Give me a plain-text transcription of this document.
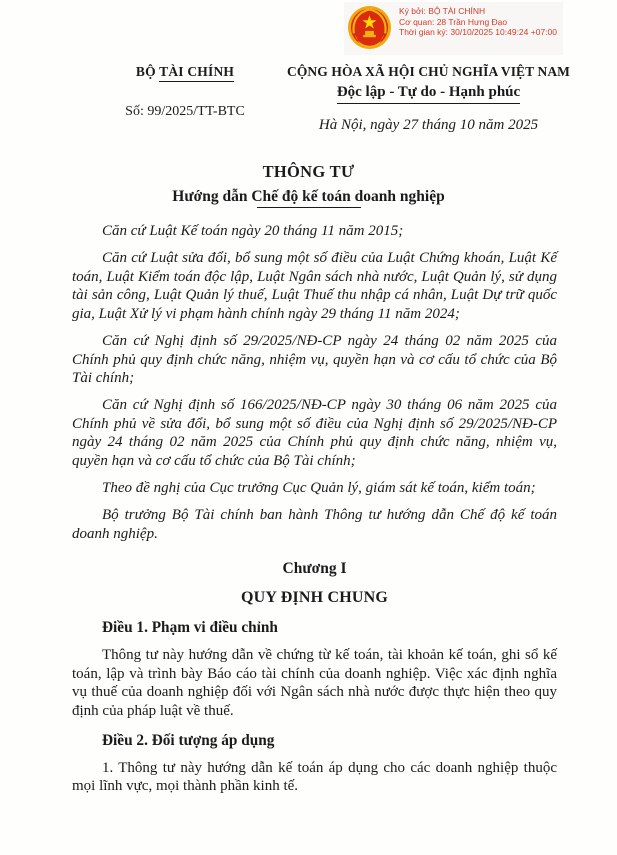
Ký bởi: BỘ TÀI CHÍNH
Cơ quan: 28 Trần Hưng Đạo
Thời gian ký: 30/10/2025 10:49:24 +07:00
BỘ TÀI CHÍNH
Số: 99/2025/TT-BTC
CỘNG HÒA XÃ HỘI CHỦ NGHĨA VIỆT NAM
Độc lập - Tự do - Hạnh phúc
Hà Nội, ngày 27 tháng 10 năm 2025
THÔNG TƯ
Hướng dẫn Chế độ kế toán doanh nghiệp

Căn cứ Luật Kế toán ngày 20 tháng 11 năm 2015;

Căn cứ Luật sửa đổi, bổ sung một số điều của Luật Chứng khoán, Luật Kế toán, Luật Kiểm toán độc lập, Luật Ngân sách nhà nước, Luật Quản lý, sử dụng tài sản công, Luật Quản lý thuế, Luật Thuế thu nhập cá nhân, Luật Dự trữ quốc gia, Luật Xử lý vi phạm hành chính ngày 29 tháng 11 năm 2024;

Căn cứ Nghị định số 29/2025/NĐ-CP ngày 24 tháng 02 năm 2025 của Chính phủ quy định chức năng, nhiệm vụ, quyền hạn và cơ cấu tổ chức của Bộ Tài chính;

Căn cứ Nghị định số 166/2025/NĐ-CP ngày 30 tháng 06 năm 2025 của Chính phủ về sửa đổi, bổ sung một số điều của Nghị định số 29/2025/NĐ-CP ngày 24 tháng 02 năm 2025 của Chính phủ quy định chức năng, nhiệm vụ, quyền hạn và cơ cấu tổ chức của Bộ Tài chính;

Theo đề nghị của Cục trưởng Cục Quản lý, giám sát kế toán, kiểm toán;

Bộ trưởng Bộ Tài chính ban hành Thông tư hướng dẫn Chế độ kế toán doanh nghiệp.

Chương I
QUY ĐỊNH CHUNG
Điều 1. Phạm vi điều chỉnh

Thông tư này hướng dẫn về chứng từ kế toán, tài khoản kế toán, ghi sổ kế toán, lập và trình bày Báo cáo tài chính của doanh nghiệp. Việc xác định nghĩa vụ thuế của doanh nghiệp đối với Ngân sách nhà nước được thực hiện theo quy định của pháp luật về thuế.

Điều 2. Đối tượng áp dụng

1. Thông tư này hướng dẫn kế toán áp dụng cho các doanh nghiệp thuộc mọi lĩnh vực, mọi thành phần kinh tế.
